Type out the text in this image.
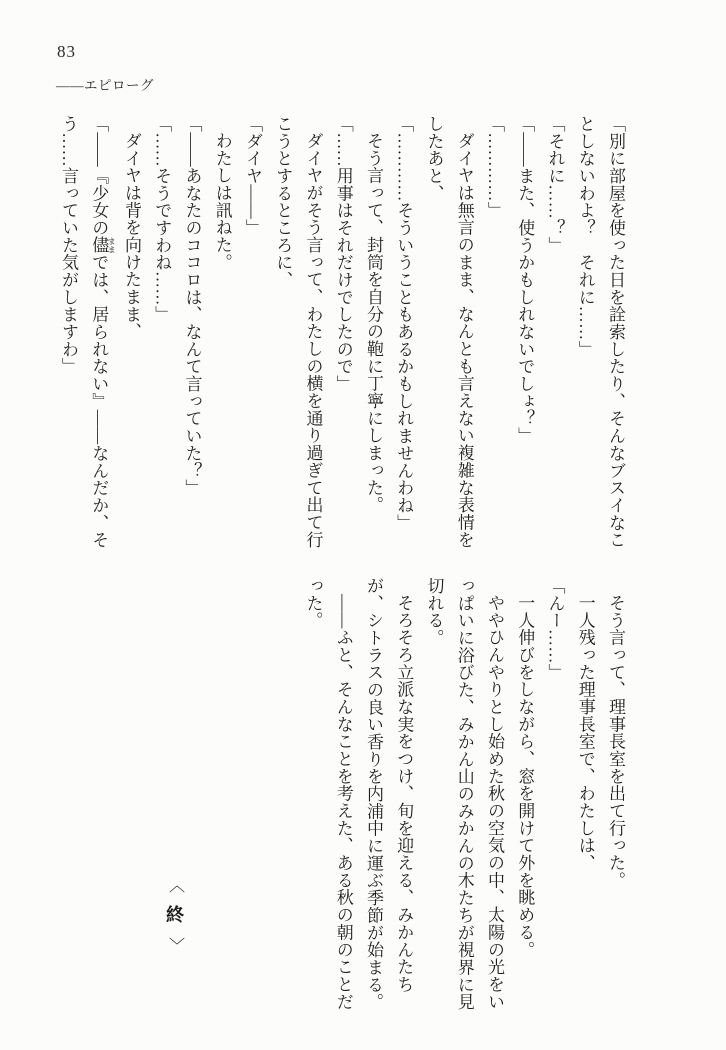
83
――エピローグ

「別に部屋を使った日を詮索したり、そんなブスイなことしないわよ？　それに……」

「それに……？」

「――また、使うかもしれないでしょ？」

「…………」

ダイヤは無言のまま、なんとも言えない複雑な表情をしたあと、

「…………そういうこともあるかもしれませんわね」

そう言って、封筒を自分の鞄に丁寧にしまった。

「……用事はそれだけでしたので」

ダイヤがそう言って、わたしの横を通り過ぎて出て行こうとするところに、

「ダイヤ――」

わたしは訊ねた。

「――あなたのココロは、なんて言っていた？」

「……そうですわね……」

ダイヤは背を向けたまま、

「――『少女の儘 ままでは、居られない』――なんだか、そう……言っていた気がしますわ」

そう言って、理事長室を出て行った。

一人残った理事長室で、わたしは、

「んー……」

一人伸びをしながら、窓を開けて外を眺める。

ややひんやりとし始めた秋の空気の中、太陽の光をいっぱいに浴びた、みかん山のみかんの木たちが視界に見切れる。

そろそろ立派な実をつけ、旬を迎える、みかんたちが、シトラスの良い香りを内浦中に運ぶ季節が始まる。

――ふと、そんなことを考えた、ある秋の朝のことだった。

〈
終
〉
